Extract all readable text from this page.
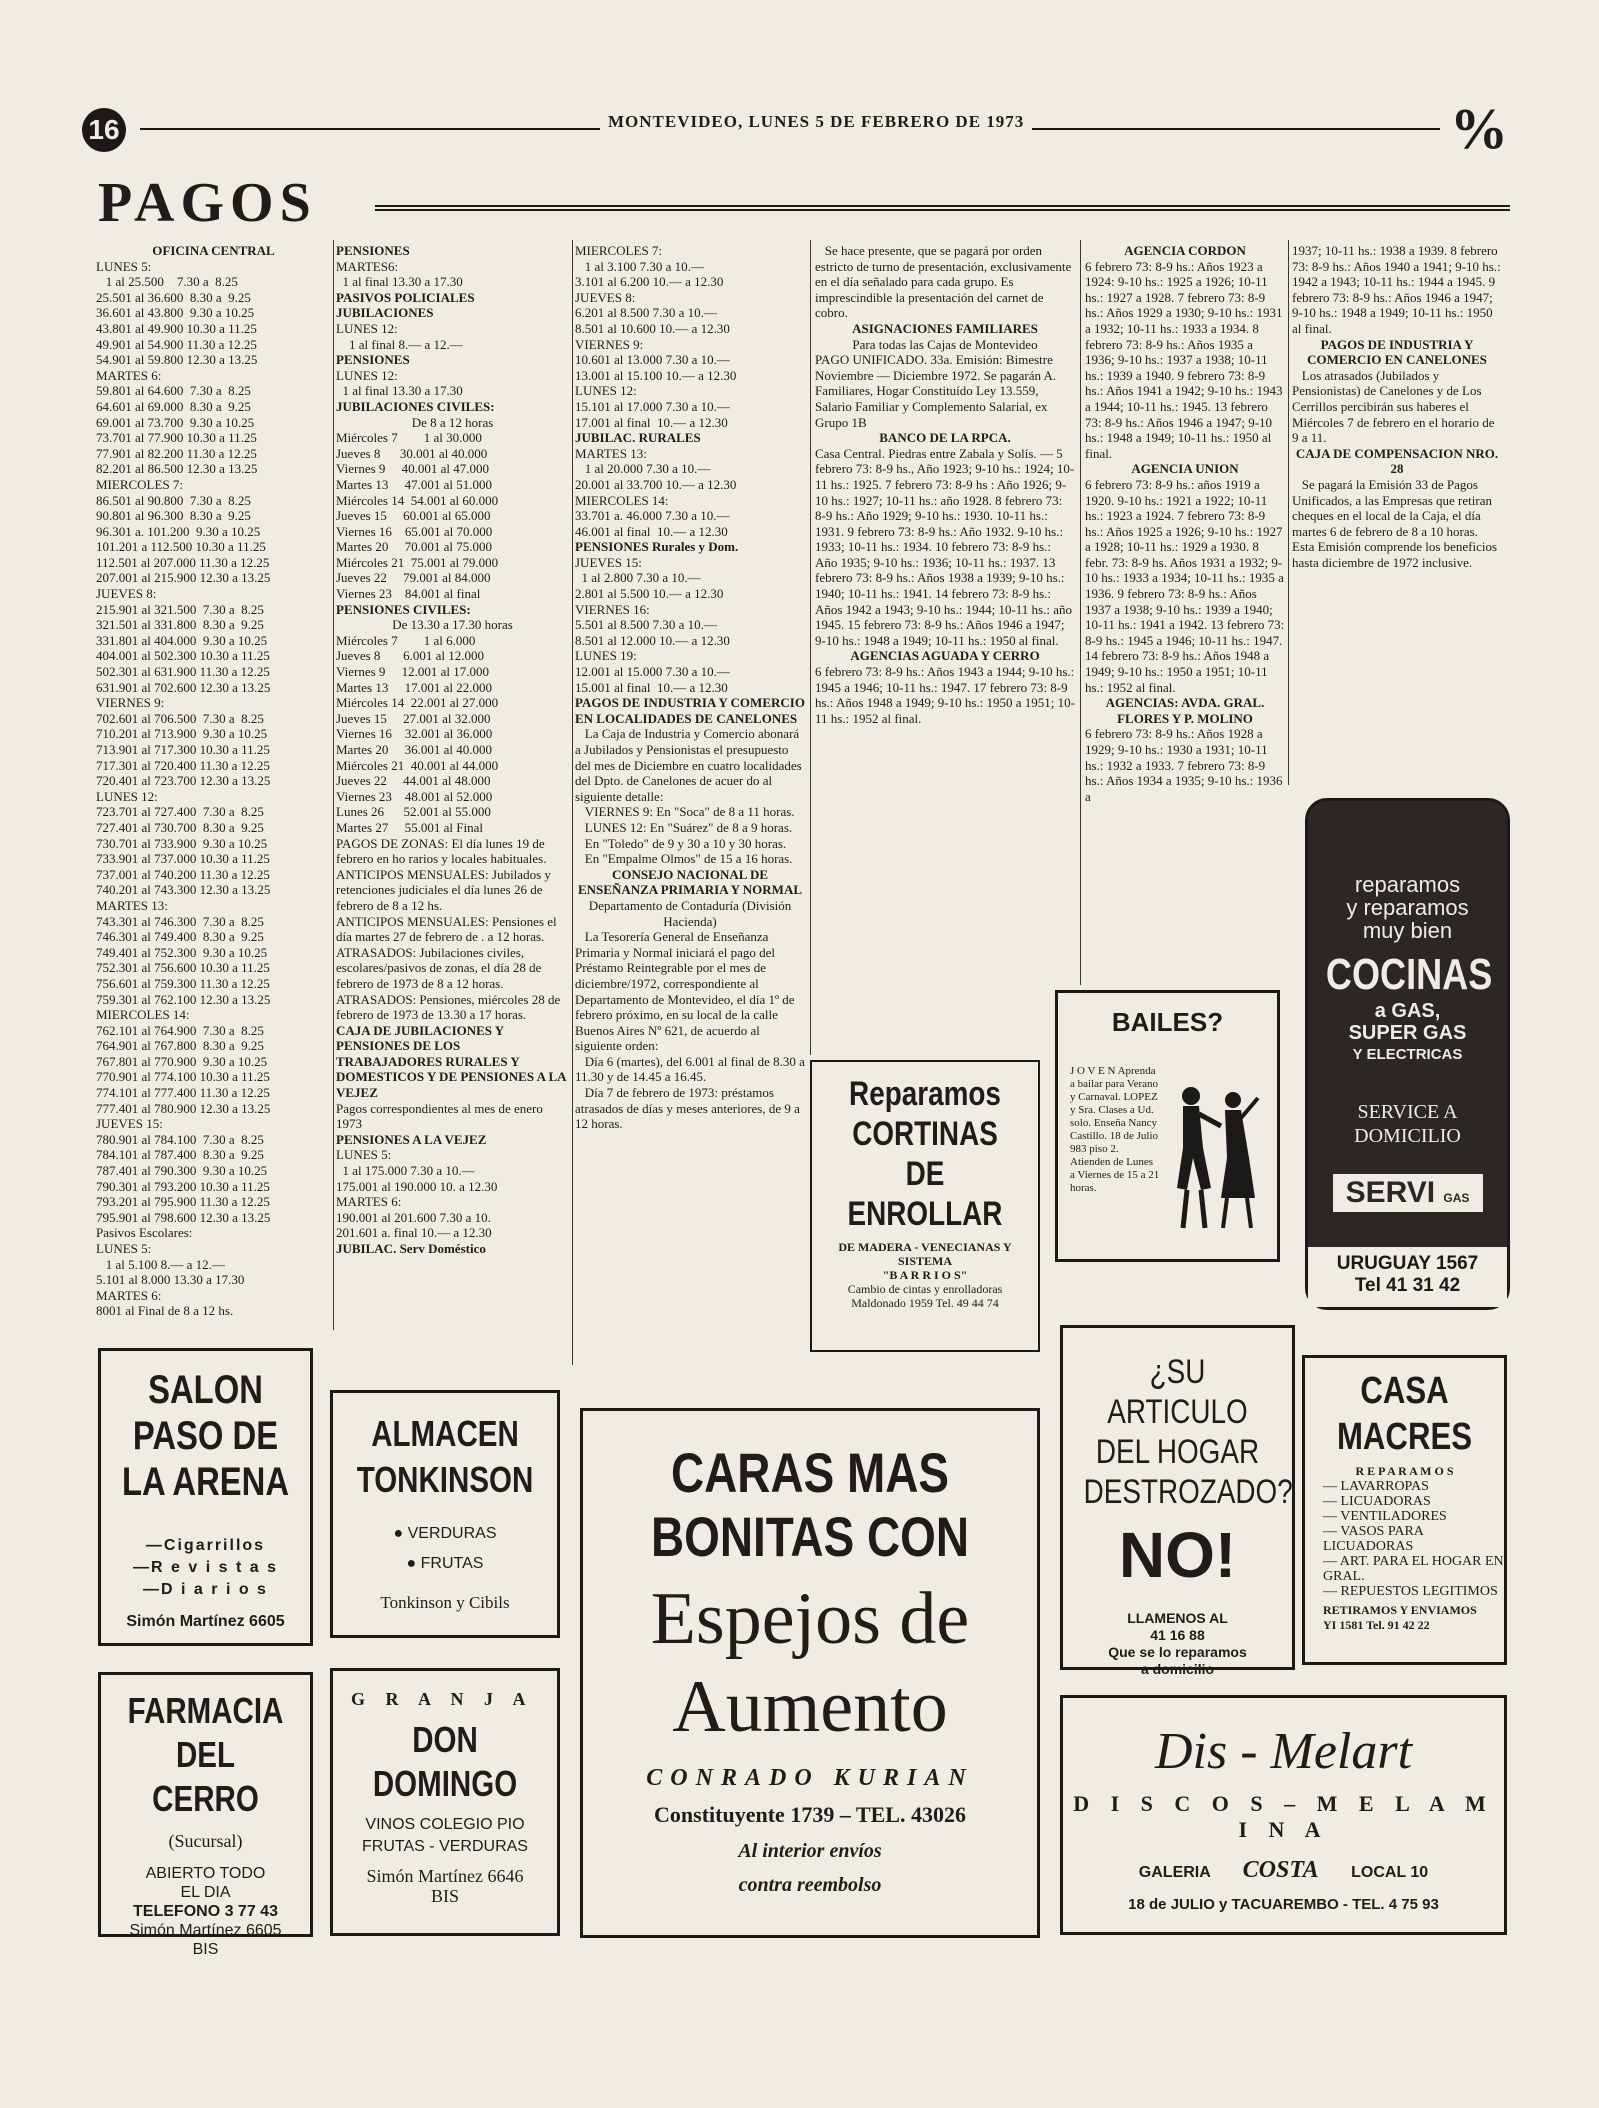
16	MONTEVIDEO, LUNES 5 DE FEBRERO DE 1973	%
PAGOS

OFICINA CENTRAL

LUNES 5:

1 al 25.500    7.30 a  8.25

25.501 al 36.600  8.30 a  9.25

36.601 al 43.800  9.30 a 10.25

43.801 al 49.900 10.30 a 11.25

49.901 al 54.900 11.30 a 12.25

54.901 al 59.800 12.30 a 13.25

MARTES 6:

59.801 al 64.600  7.30 a  8.25

64.601 al 69.000  8.30 a  9.25

69.001 al 73.700  9.30 a 10.25

73.701 al 77.900 10.30 a 11.25

77.901 al 82.200 11.30 a 12.25

82.201 al 86.500 12.30 a 13.25

MIERCOLES 7:

86.501 al 90.800  7.30 a  8.25

90.801 al 96.300  8.30 a  9.25

96.301 a. 101.200  9.30 a 10.25

101.201 a 112.500 10.30 a 11.25

112.501 al 207.000 11.30 a 12.25

207.001 al 215.900 12.30 a 13.25

JUEVES 8:

215.901 al 321.500  7.30 a  8.25

321.501 al 331.800  8.30 a  9.25

331.801 al 404.000  9.30 a 10.25

404.001 al 502.300 10.30 a 11.25

502.301 al 631.900 11.30 a 12.25

631.901 al 702.600 12.30 a 13.25

VIERNES 9:

702.601 al 706.500  7.30 a  8.25

710.201 al 713.900  9.30 a 10.25

713.901 al 717.300 10.30 a 11.25

717.301 al 720.400 11.30 a 12.25

720.401 al 723.700 12.30 a 13.25

LUNES 12:

723.701 al 727.400  7.30 a  8.25

727.401 al 730.700  8.30 a  9.25

730.701 al 733.900  9.30 a 10.25

733.901 al 737.000 10.30 a 11.25

737.001 al 740.200 11.30 a 12.25

740.201 al 743.300 12.30 a 13.25

MARTES 13:

743.301 al 746.300  7.30 a  8.25

746.301 al 749.400  8.30 a  9.25

749.401 al 752.300  9.30 a 10.25

752.301 al 756.600 10.30 a 11.25

756.601 al 759.300 11.30 a 12.25

759.301 al 762.100 12.30 a 13.25

MIERCOLES 14:

762.101 al 764.900  7.30 a  8.25

764.901 al 767.800  8.30 a  9.25

767.801 al 770.900  9.30 a 10.25

770.901 al 774.100 10.30 a 11.25

774.101 al 777.400 11.30 a 12.25

777.401 al 780.900 12.30 a 13.25

JUEVES 15:

780.901 al 784.100  7.30 a  8.25

784.101 al 787.400  8.30 a  9.25

787.401 al 790.300  9.30 a 10.25

790.301 al 793.200 10.30 a 11.25

793.201 al 795.900 11.30 a 12.25

795.901 al 798.600 12.30 a 13.25

Pasivos Escolares:

LUNES 5:

1 al 5.100 8.— a 12.—

5.101 al 8.000 13.30 a 17.30

MARTES 6:

8001 al Final de 8 a 12 hs.

PENSIONES

MARTES6:

1 al final 13.30 a 17.30

PASIVOS POLICIALES

JUBILACIONES

LUNES 12:

1 al final 8.— a 12.—

PENSIONES

LUNES 12:

1 al final 13.30 a 17.30

JUBILACIONES CIVILES:

De 8 a 12 horas

Miércoles 7        1 al 30.000

Jueves 8      30.001 al 40.000

Viernes 9     40.001 al 47.000

Martes 13     47.001 al 51.000

Miércoles 14  54.001 al 60.000

Jueves 15     60.001 al 65.000

Viernes 16    65.001 al 70.000

Martes 20     70.001 al 75.000

Miércoles 21  75.001 al 79.000

Jueves 22     79.001 al 84.000

Viernes 23    84.001 al final

PENSIONES CIVILES:

De 13.30 a 17.30 horas

Miércoles 7        1 al 6.000

Jueves 8       6.001 al 12.000

Viernes 9     12.001 al 17.000

Martes 13     17.001 al 22.000

Miércoles 14  22.001 al 27.000

Jueves 15     27.001 al 32.000

Viernes 16    32.001 al 36.000

Martes 20     36.001 al 40.000

Miércoles 21  40.001 al 44.000

Jueves 22     44.001 al 48.000

Viernes 23    48.001 al 52.000

Lunes 26      52.001 al 55.000

Martes 27     55.001 al Final

PAGOS DE ZONAS: El día lunes 19 de febrero en ho rarios y locales habituales.

ANTICIPOS MENSUALES: Jubilados y retenciones judiciales el día lunes 26 de febrero de 8 a 12 hs.

ANTICIPOS MENSUALES: Pensiones el día martes 27 de febrero de . a 12 horas.

ATRASADOS: Jubilaciones civiles, escolares/pasivos de zonas, el día 28 de febrero de 1973 de 8 a 12 horas.

ATRASADOS: Pensiones, miércoles 28 de febrero de 1973 de 13.30 a 17 horas.

CAJA DE JUBILACIONES Y PENSIONES DE LOS TRABAJADORES RURALES Y DOMESTICOS Y DE PENSIONES A LA VEJEZ

Pagos correspondientes al mes de enero 1973

PENSIONES A LA VEJEZ

LUNES 5:

1 al 175.000 7.30 a 10.—

175.001 al 190.000 10. a 12.30

MARTES 6:

190.001 al 201.600 7.30 a 10.

201.601 a. final 10.— a 12.30

JUBILAC. Serv Doméstico

MIERCOLES 7:

1 al 3.100 7.30 a 10.—

3.101 al 6.200 10.— a 12.30

JUEVES 8:

6.201 al 8.500 7.30 a 10.—

8.501 al 10.600 10.— a 12.30

VIERNES 9:

10.601 al 13.000 7.30 a 10.—

13.001 al 15.100 10.— a 12.30

LUNES 12:

15.101 al 17.000 7.30 a 10.—

17.001 al final  10.— a 12.30

JUBILAC. RURALES

MARTES 13:

1 al 20.000 7.30 a 10.—

20.001 al 33.700 10.— a 12.30

MIERCOLES 14:

33.701 a. 46.000 7.30 a 10.—

46.001 al final  10.— a 12.30

PENSIONES Rurales y Dom.

JUEVES 15:

1 al 2.800 7.30 a 10.—

2.801 al 5.500 10.— a 12.30

VIERNES 16:

5.501 al 8.500 7.30 a 10.—

8.501 al 12.000 10.— a 12.30

LUNES 19:

12.001 al 15.000 7.30 a 10.—

15.001 al final  10.— a 12.30

PAGOS DE INDUSTRIA Y COMERCIO EN LOCALIDADES DE CANELONES

La Caja de Industria y Comercio abonará a Jubilados y Pensionistas el presupuesto del mes de Diciembre en cuatro localidades del Dpto. de Canelones de acuer do al siguiente detalle:

VIERNES 9: En "Soca" de 8 a 11 horas.

LUNES 12: En "Suárez" de 8 a 9 horas.

En "Toledo" de 9 y 30 a 10 y 30 horas.

En "Empalme Olmos" de 15 a 16 horas.

CONSEJO NACIONAL DE ENSEÑANZA PRIMARIA Y NORMAL

Departamento de Contaduría (División Hacienda)

La Tesorería General de Enseñanza Primaria y Normal iniciará el pago del Préstamo Reintegrable por el mes de diciembre/1972, correspondiente al Departamento de Montevideo, el día 1º de febrero próximo, en su local de la calle Buenos Aires Nº 621, de acuerdo al siguiente orden:

Día 6 (martes), del 6.001 al final de 8.30 a 11.30 y de 14.45 a 16.45.

Día 7 de febrero de 1973: préstamos atrasados de días y meses anteriores, de 9 a 12 horas.

Se hace presente, que se pagará por orden estricto de turno de presentación, exclusivamente en el día señalado para cada grupo. Es imprescindible la presentación del carnet de cobro.

ASIGNACIONES FAMILIARES

Para todas las Cajas de Montevideo

PAGO UNIFICADO. 33a. Emisión: Bimestre Noviembre — Diciembre 1972. Se pagarán A. Familiares, Hogar Constituído Ley 13.559, Salario Familiar y Complemento Salarial, ex Grupo 1B

BANCO DE LA RPCA.

Casa Central. Piedras entre Zabala y Solís. — 5 febrero 73: 8-9 hs., Año 1923; 9-10 hs.: 1924; 10-11 hs.: 1925. 7 febrero 73: 8-9 hs : Año 1926; 9-10 hs.: 1927; 10-11 hs.: año 1928. 8 febrero 73: 8-9 hs.: Año 1929; 9-10 hs.: 1930. 10-11 hs.: 1931. 9 febrero 73: 8-9 hs.: Año 1932. 9-10 hs.: 1933; 10-11 hs.: 1934. 10 febrero 73: 8-9 hs.: Año 1935; 9-10 hs.: 1936; 10-11 hs.: 1937. 13 febrero 73: 8-9 hs.: Años 1938 a 1939; 9-10 hs.: 1940; 10-11 hs.: 1941. 14 febrero 73: 8-9 hs.: Años 1942 a 1943; 9-10 hs.: 1944; 10-11 hs.: año 1945. 15 febrero 73: 8-9 hs.: Años 1946 a 1947; 9-10 hs.: 1948 a 1949; 10-11 hs.: 1950 al final.

AGENCIAS AGUADA Y CERRO

6 febrero 73: 8-9 hs.: Años 1943 a 1944; 9-10 hs.: 1945 a 1946; 10-11 hs.: 1947. 17 febrero 73: 8-9 hs.: Años 1948 a 1949; 9-10 hs.: 1950 a 1951; 10-11 hs.: 1952 al final.

AGENCIA CORDON

6 febrero 73: 8-9 hs.: Años 1923 a 1924: 9-10 hs.: 1925 a 1926; 10-11 hs.: 1927 a 1928. 7 febrero 73: 8-9 hs.: Años 1929 a 1930; 9-10 hs.: 1931 a 1932; 10-11 hs.: 1933 a 1934. 8 febrero 73: 8-9 hs.: Años 1935 a 1936; 9-10 hs.: 1937 a 1938; 10-11 hs.: 1939 a 1940. 9 febrero 73: 8-9 hs.: Años 1941 a 1942; 9-10 hs.: 1943 a 1944; 10-11 hs.: 1945. 13 febrero 73: 8-9 hs.: Años 1946 a 1947; 9-10 hs.: 1948 a 1949; 10-11 hs.: 1950 al final.

AGENCIA UNION

6 febrero 73: 8-9 hs.: años 1919 a 1920. 9-10 hs.: 1921 a 1922; 10-11 hs.: 1923 a 1924. 7 febrero 73: 8-9 hs.: Años 1925 a 1926; 9-10 hs.: 1927 a 1928; 10-11 hs.: 1929 a 1930. 8 febr. 73: 8-9 hs. Años 1931 a 1932; 9-10 hs.: 1933 a 1934; 10-11 hs.: 1935 a 1936. 9 febrero 73: 8-9 hs.: Años 1937 a 1938; 9-10 hs.: 1939 a 1940; 10-11 hs.: 1941 a 1942. 13 febrero 73: 8-9 hs.: 1945 a 1946; 10-11 hs.: 1947. 14 febrero 73: 8-9 hs.: Años 1948 a 1949; 9-10 hs.: 1950 a 1951; 10-11 hs.: 1952 al final.

AGENCIAS: AVDA. GRAL. FLORES Y P. MOLINO

6 febrero 73: 8-9 hs.: Años 1928 a 1929; 9-10 hs.: 1930 a 1931; 10-11 hs.: 1932 a 1933. 7 febrero 73: 8-9 hs.: Años 1934 a 1935; 9-10 hs.: 1936 a

1937; 10-11 hs.: 1938 a 1939. 8 febrero 73: 8-9 hs.: Años 1940 a 1941; 9-10 hs.: 1942 a 1943; 10-11 hs.: 1944 a 1945. 9 febrero 73: 8-9 hs.: Años 1946 a 1947; 9-10 hs.: 1948 a 1949; 10-11 hs.: 1950 al final.

PAGOS DE INDUSTRIA Y COMERCIO EN CANELONES

Los atrasados (Jubilados y Pensionistas) de Canelones y de Los Cerrillos percibirán sus haberes el Miércoles 7 de febrero en el horario de 9 a 11.

CAJA DE COMPENSACION NRO. 28

Se pagará la Emisión 33 de Pagos Unificados, a las Empresas que retiran cheques en el local de la Caja, el día martes 6 de febrero de 8 a 10 horas. Esta Emisión comprende los beneficios hasta diciembre de 1972 inclusive.

reparamos
y reparamos
muy bien
COCINAS
a GAS,
SUPER GAS
Y ELECTRICAS
SERVICE A
DOMICILIO
SERVI GAS
URUGUAY 1567
Tel 41 31 42
BAILES?
J O V E N Aprenda a bailar para Verano y Carnaval. LOPEZ y Sra. Clases a Ud. solo. Enseña Nancy Castillo. 18 de Julio 983 piso 2. Atienden de Lunes a Viernes de 15 a 21 horas.
Reparamos
CORTINAS
DE
ENROLLAR
DE MADERA - VENECIANAS Y SISTEMA
"B A R R I O S"
Cambio de cintas y enrolladoras
Maldonado 1959 Tel. 49 44 74
SALON
PASO DE
LA ARENA
—Cigarrillos
—R e v i s t a s
—D i a r i o s
Simón Martínez 6605
ALMACEN
TONKINSON
● VERDURAS
● FRUTAS
Tonkinson y Cibils
CARAS MAS
BONITAS CON
Espejos de
Aumento
CONRADO KURIAN
Constituyente 1739 – TEL. 43026
Al interior envíos
contra reembolso
¿SU ARTICULO
DEL HOGAR
DESTROZADO?
NO!
LLAMENOS AL
41 16 88
Que se lo reparamos
a domicilio
CASA
MACRES
R E P A R A M O S
— LAVARROPAS
— LICUADORAS
— VENTILADORES
— VASOS PARA LICUADORAS
— ART. PARA EL HOGAR EN GRAL.
— REPUESTOS LEGITIMOS
RETIRAMOS Y ENVIAMOS
YI 1581 Tel. 91 42 22
FARMACIA
DEL CERRO
(Sucursal)
ABIERTO TODO
EL DIA
TELEFONO 3 77 43
Simón Martínez 6605
BIS
G R A N J A
DON
DOMINGO
VINOS COLEGIO PIO
FRUTAS - VERDURAS
Simón Martínez 6646
BIS
Dis - Melart
D I S C O S – M E L A M I N A
GALERIA COSTA LOCAL 10
18 de JULIO y TACUAREMBO - TEL. 4 75 93
